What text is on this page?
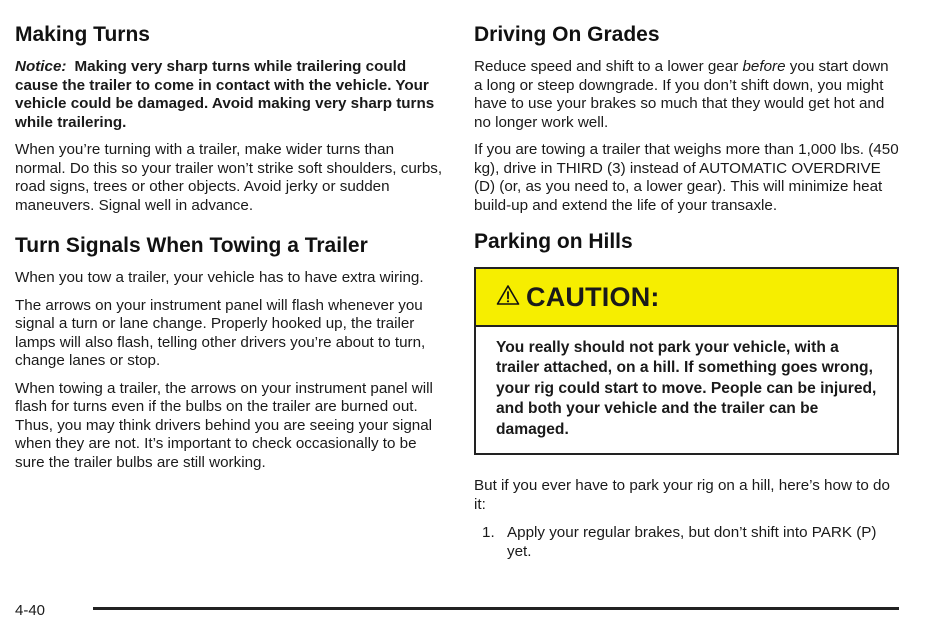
Making Turns

Notice: Making very sharp turns while trailering could cause the trailer to come in contact with the vehicle. Your vehicle could be damaged. Avoid making very sharp turns while trailering.

When you’re turning with a trailer, make wider turns than normal. Do this so your trailer won’t strike soft shoulders, curbs, road signs, trees or other objects. Avoid jerky or sudden maneuvers. Signal well in advance.

Turn Signals When Towing a Trailer

When you tow a trailer, your vehicle has to have extra wiring.

The arrows on your instrument panel will flash whenever you signal a turn or lane change. Properly hooked up, the trailer lamps will also flash, telling other drivers you’re about to turn, change lanes or stop.

When towing a trailer, the arrows on your instrument panel will flash for turns even if the bulbs on the trailer are burned out. Thus, you may think drivers behind you are seeing your signal when they are not. It’s important to check occasionally to be sure the trailer bulbs are still working.

Driving On Grades

Reduce speed and shift to a lower gear before you start down a long or steep downgrade. If you don’t shift down, you might have to use your brakes so much that they would get hot and no longer work well.

If you are towing a trailer that weighs more than 1,000 lbs. (450 kg), drive in THIRD (3) instead of AUTOMATIC OVERDRIVE (D) (or, as you need to, a lower gear). This will minimize heat build-up and extend the life of your transaxle.

Parking on Hills
CAUTION:
You really should not park your vehicle, with a trailer attached, on a hill. If something goes wrong, your rig could start to move. People can be injured, and both your vehicle and the trailer can be damaged.

But if you ever have to park your rig on a hill, here’s how to do it:

1. Apply your regular brakes, but don’t shift into PARK (P) yet.
4-40
